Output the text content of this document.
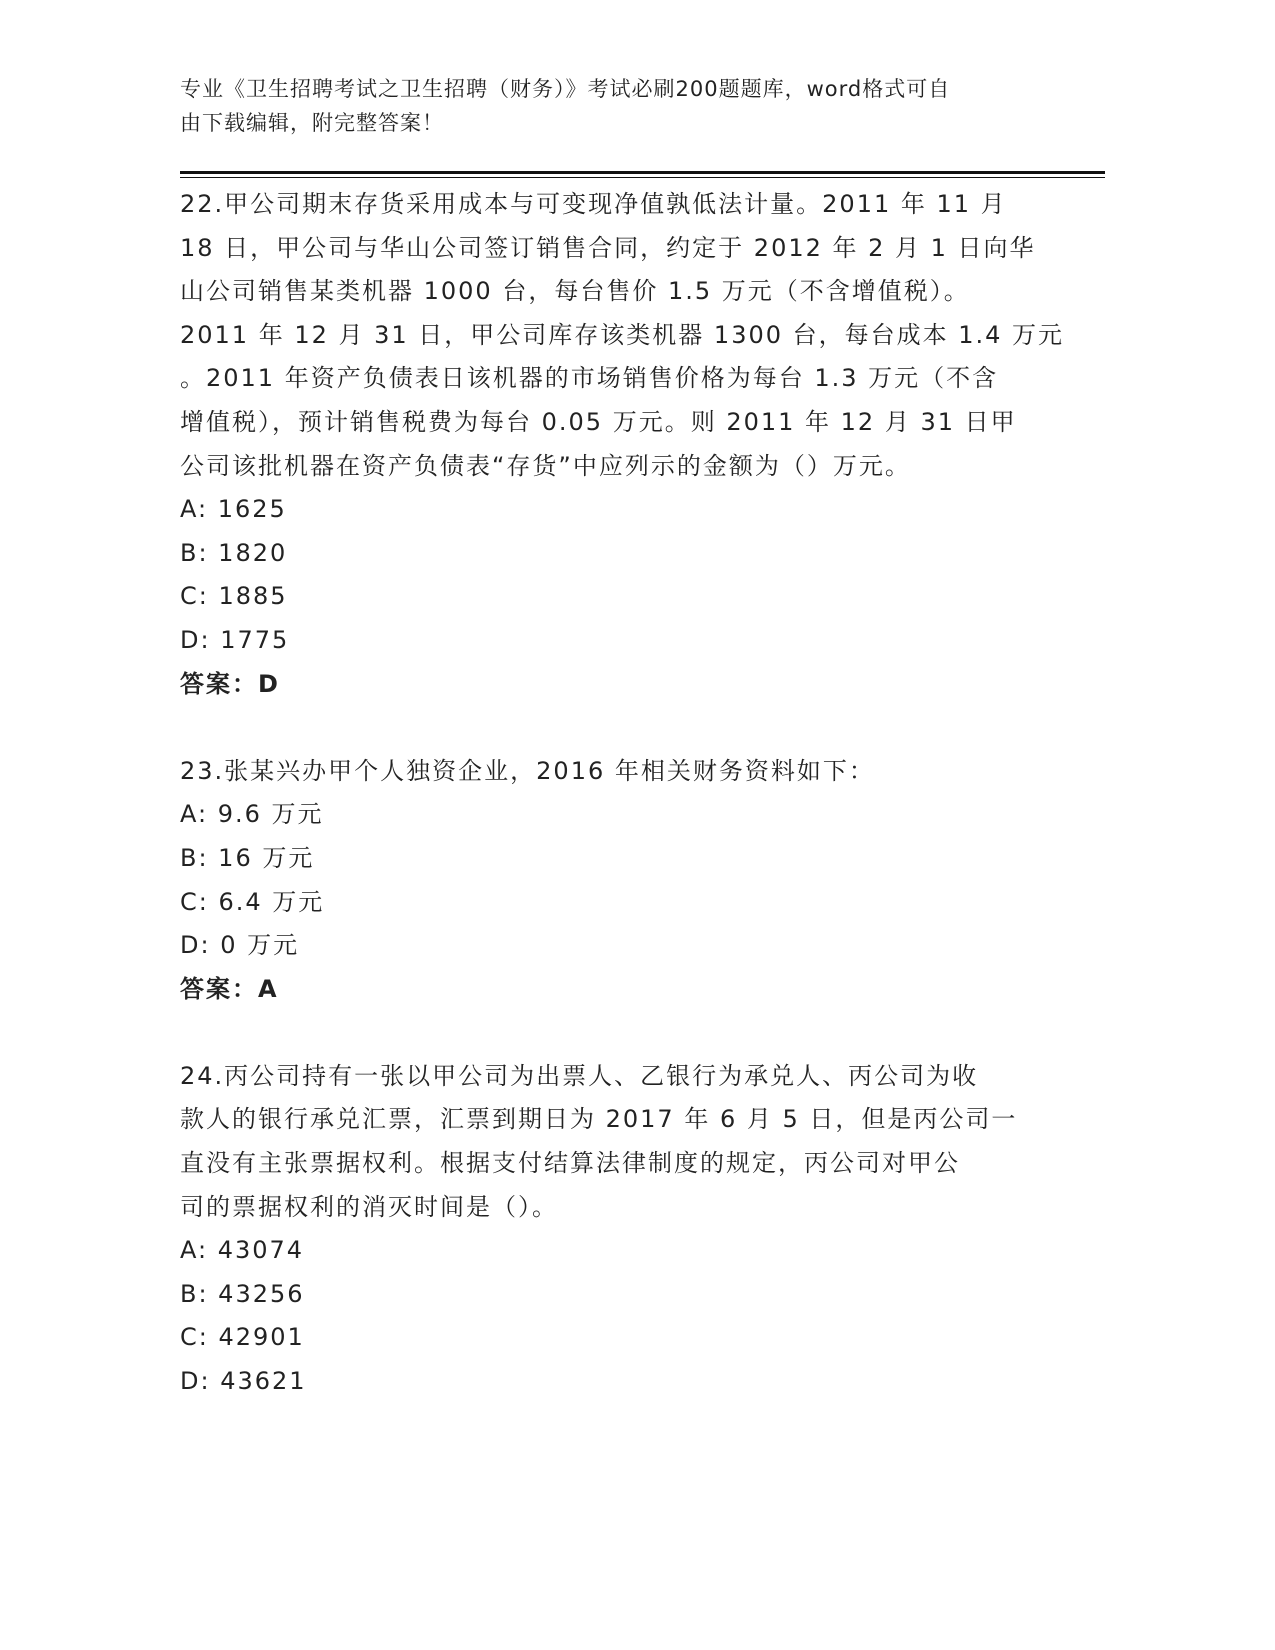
专业《卫生招聘考试之卫生招聘（财务）》考试必刷200题题库，word格式可自
由下载编辑，附完整答案！
22.甲公司期末存货采用成本与可变现净值孰低法计量。2011 年 11 月
18 日，甲公司与华山公司签订销售合同，约定于 2012 年 2 月 1 日向华
山公司销售某类机器 1000 台，每台售价 1.5 万元（不含增值税）。
2011 年 12 月 31 日，甲公司库存该类机器 1300 台，每台成本 1.4 万元
。2011 年资产负债表日该机器的市场销售价格为每台 1.3 万元（不含
增值税），预计销售税费为每台 0.05 万元。则 2011 年 12 月 31 日甲
公司该批机器在资产负债表“存货”中应列示的金额为（）万元。
A: 1625
B: 1820
C: 1885
D: 1775
答案：D
23.张某兴办甲个人独资企业，2016 年相关财务资料如下：
A: 9.6 万元
B: 16 万元
C: 6.4 万元
D: 0 万元
答案：A
24.丙公司持有一张以甲公司为出票人、乙银行为承兑人、丙公司为收
款人的银行承兑汇票，汇票到期日为 2017 年 6 月 5 日，但是丙公司一
直没有主张票据权利。根据支付结算法律制度的规定，丙公司对甲公
司的票据权利的消灭时间是（）。
A: 43074
B: 43256
C: 42901
D: 43621
